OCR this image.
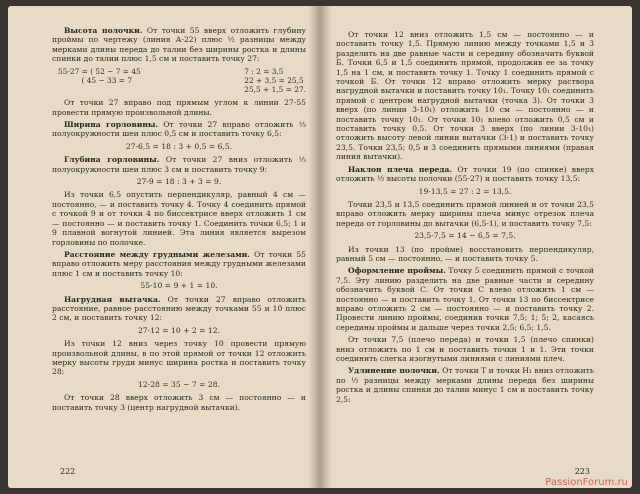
Высота полочки. От точки 55 вверх отложить глубину проймы по чертежу (линия А-22) плюс ½ разницы между мерками длины переда до талии без ширины ростка и длины спинки до талии плюс 1,5 см и поставить точку 27:

55-27 = ( 52 − 7 = 45
( 45 − 33 = 7
7 : 2 = 3,5
22 + 3,5 = 25,5
25,5 + 1,5 = 27.

От точки 27 вправо под прямым углом к линии 27-55 провести прямую произвольной длины.

Ширина горловины. От точки 27 вправо отложить ⅓ полуокружности шеи плюс 0,5 см и поставить точку 6,5:

27-6,5 = 18 : 3 + 0,5 = 6,5.

Глубина горловины. От точки 27 вниз отложить ⅓ полуокружности шеи плюс 3 см и поставить точку 9:

27-9 = 18 : 3 + 3 = 9.

Из точки 6,5 опустить перпендикуляр, равный 4 см — постоянно, — и поставить точку 4. Точку 4 соединить прямой с точкой 9 и от точки 4 по биссектрисе вверх отложить 1 см — постоянно — и поставить точку 1. Соединить точки 6,5; 1 и 9 плавной вогнутой линией. Эта линия является вырезом горловины по полочке.

Расстояние между грудными железами. От точки 55 вправо отложить меру расстояния между грудными железами плюс 1 см и поставить точку 10:

55-10 = 9 + 1 = 10.

Нагрудная вытачка. От точки 27 вправо отложить расстояние, равное расстоянию между точками 55 и 10 плюс 2 см, и поставить точку 12:

27-12 = 10 + 2 = 12.

Из точки 12 вниз через точку 10 провести прямую произвольной длины, в по этой прямой от точки 12 отложить мерку высоты груди минус ширина ростка и поставить точку 28:

12-28 = 35 − 7 = 28.

От точки 28 вверх отложить 3 см — постоянно — и поставить точку 3 (центр нагрудной вытачки).

222

От точки 12 вниз отложить 1,5 см — постоянно — и поставить точку 1,5. Прямую линию между точками 1,5 и 3 разделить на две равные части и середину обозначить буквой Б. Точки 6,5 и 1,5 соединить прямой, продолжив ее за точку 1,5 на 1 см, и поставить точку 1. Точку 1 соединить прямой с точкой Б. От точки 12 вправо отложить мерку раствора нагрудной вытачки и поставить точку 10₁. Точку 10₁ соединить прямой с центром нагрудной вытачки (точка 3). От точки 3 вверх (по линии 3-10₁) отложить 10 см — постоянно — и поставить точку 10₁. От точки 10₁ влево отложить 0,5 см и поставить точку 0,5. От точки 3 вверх (по линии 3-10₁) отложить высоту левой линии вытачки (3-1) и поставить точку 23,5. Точки 23,5; 0,5 и 3 соединить прямыми линиями (правая линия вытачки).

Наклон плеча переда. От точки 19 (по спинке) вверх отложить ½ высоты полочки (55-27) и поставить точку 13,5:

19-13,5 = 27 : 2 = 13,5.

Точки 23,5 и 13,5 соединить прямой линией и от точки 23,5 вправо отложить мерку ширины плеча минус отрезок плеча переда от горловины до вытачки (6,5-1), и поставить точку 7,5:

23,5-7,5 = 14 − 6,5 = 7,5.

Из точки 13 (по пройме) восстановить перпендикуляр, равный 5 см — постоянно, — и поставить точку 5.

Оформление проймы. Точку 5 соединить прямой с точкой 7,5. Эту линию разделить на две равные части и середину обозначить буквой С. От точки С влево отложить 1 см — постоянно — и поставить точку 1. От точки 13 по биссектрисе вправо отложить 2 см — постоянно — и поставить точку 2. Провести линию проймы, соединив точки 7,5; 1; 5; 2, касаясь середины проймы и дальше через точки 2,5; 6,5; 1,5.

От точки 7,5 (плечо переда) и точки 1,5 (плечо спинки) вниз отложить по 1 см и поставить точки 1 и 1. Эти точки соединить слегка изогнутыми линиями с линиями плеч.

Удлинение полочки. От точки Т и точки Н₁ вниз отложить по ½ разницы между мерками длины переда без ширины ростка и длины спинки до талии минус 1 см и поставить точку 2,5:

223
PassionForum.ru
